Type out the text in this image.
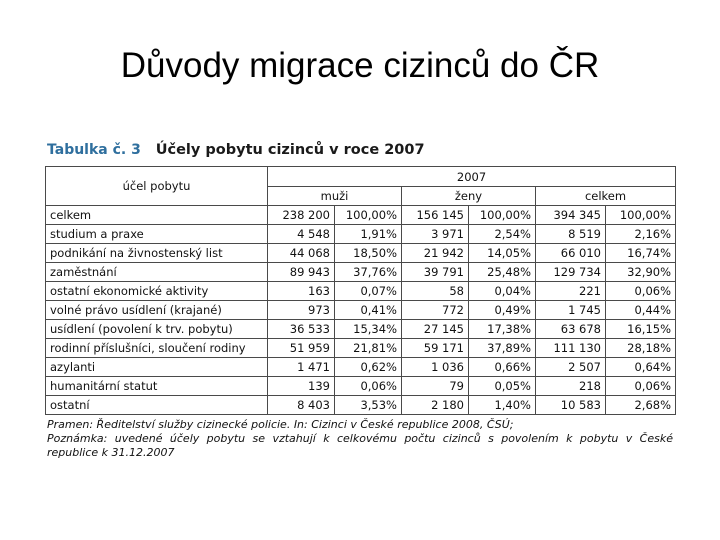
Důvody migrace cizinců do ČR
Tabulka č. 3 Účely pobytu cizinců v roce 2007
účel pobytu	2007					
	muži		ženy		celkem	
celkem	238 200	100,00%	156 145	100,00%	394 345	100,00%
studium a praxe	4 548	1,91%	3 971	2,54%	8 519	2,16%
podnikání na živnostenský list	44 068	18,50%	21 942	14,05%	66 010	16,74%
zaměstnání	89 943	37,76%	39 791	25,48%	129 734	32,90%
ostatní ekonomické aktivity	163	0,07%	58	0,04%	221	0,06%
volné právo usídlení (krajané)	973	0,41%	772	0,49%	1 745	0,44%
usídlení (povolení k trv. pobytu)	36 533	15,34%	27 145	17,38%	63 678	16,15%
rodinní příslušníci, sloučení rodiny	51 959	21,81%	59 171	37,89%	111 130	28,18%
azylanti	1 471	0,62%	1 036	0,66%	2 507	0,64%
humanitární statut	139	0,06%	79	0,05%	218	0,06%
ostatní	8 403	3,53%	2 180	1,40%	10 583	2,68%
Pramen: Ředitelství služby cizinecké policie. In: Cizinci v České republice 2008, ČSÚ;
Poznámka: uvedené účely pobytu se vztahují k celkovému počtu cizinců s povolením k pobytu v České
republice k 31.12.2007
